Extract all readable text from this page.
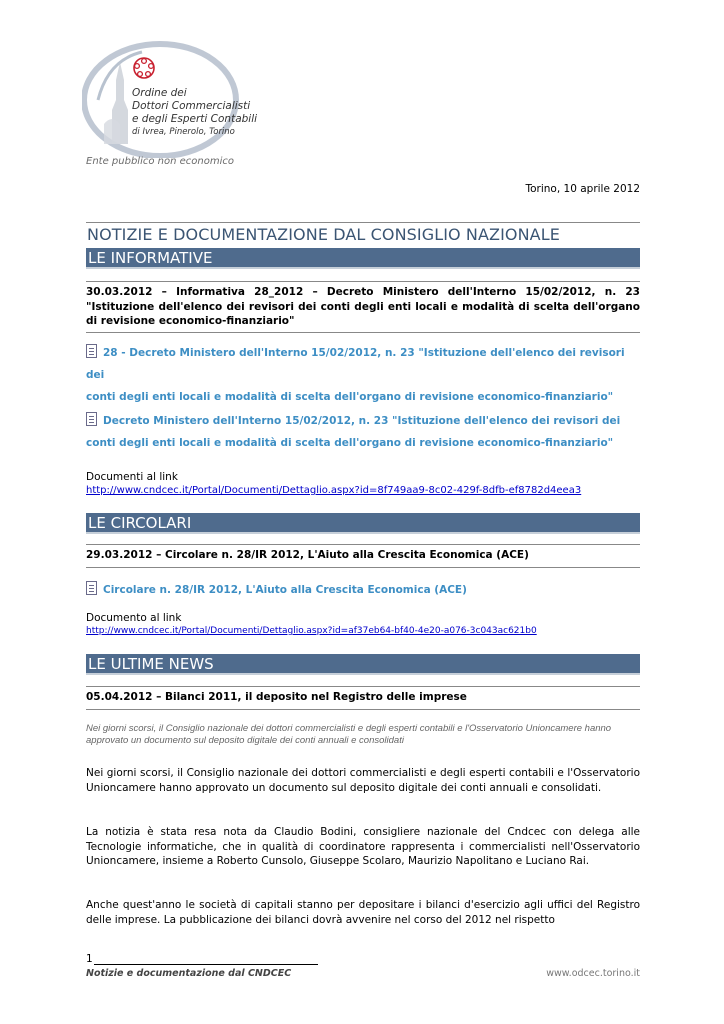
Ordine dei
Dottori Commercialisti
e degli Esperti Contabili
di Ivrea, Pinerolo, Torino
Ente pubblico non economico
Torino, 10 aprile 2012
NOTIZIE E DOCUMENTAZIONE DAL CONSIGLIO NAZIONALE
LE INFORMATIVE
30.03.2012 – Informativa 28_2012 – Decreto Ministero dell'Interno 15/02/2012, n. 23 "Istituzione dell'elenco dei revisori dei conti degli enti locali e modalità di scelta dell'organo di revisione economico-finanziario"
28 - Decreto Ministero dell'Interno 15/02/2012, n. 23 "Istituzione dell'elenco dei revisori dei
conti degli enti locali e modalità di scelta dell'organo di revisione economico-finanziario"
Decreto Ministero dell'Interno 15/02/2012, n. 23 "Istituzione dell'elenco dei revisori dei
conti degli enti locali e modalità di scelta dell'organo di revisione economico-finanziario"
Documenti al link
http://www.cndcec.it/Portal/Documenti/Dettaglio.aspx?id=8f749aa9-8c02-429f-8dfb-ef8782d4eea3
LE CIRCOLARI
29.03.2012 – Circolare n. 28/IR 2012, L'Aiuto alla Crescita Economica (ACE)
Circolare n. 28/IR 2012, L'Aiuto alla Crescita Economica (ACE)
Documento al link
http://www.cndcec.it/Portal/Documenti/Dettaglio.aspx?id=af37eb64-bf40-4e20-a076-3c043ac621b0
LE ULTIME NEWS
05.04.2012 – Bilanci 2011, il deposito nel Registro delle imprese
Nei giorni scorsi, il Consiglio nazionale dei dottori commercialisti e degli esperti contabili e l'Osservatorio Unioncamere hanno approvato un documento sul deposito digitale dei conti annuali e consolidati
Nei giorni scorsi, il Consiglio nazionale dei dottori commercialisti e degli esperti contabili e l'Osservatorio Unioncamere hanno approvato un documento sul deposito digitale dei conti annuali e consolidati.
La notizia è stata resa nota da Claudio Bodini, consigliere nazionale del Cndcec con delega alle Tecnologie informatiche, che in qualità di coordinatore rappresenta i commercialisti nell'Osservatorio Unioncamere, insieme a Roberto Cunsolo, Giuseppe Scolaro, Maurizio Napolitano e Luciano Rai.
Anche quest'anno le società di capitali stanno per depositare i bilanci d'esercizio agli uffici del Registro delle imprese. La pubblicazione dei bilanci dovrà avvenire nel corso del 2012 nel rispetto
1
Notizie e documentazione dal CNDCEC	www.odcec.torino.it
